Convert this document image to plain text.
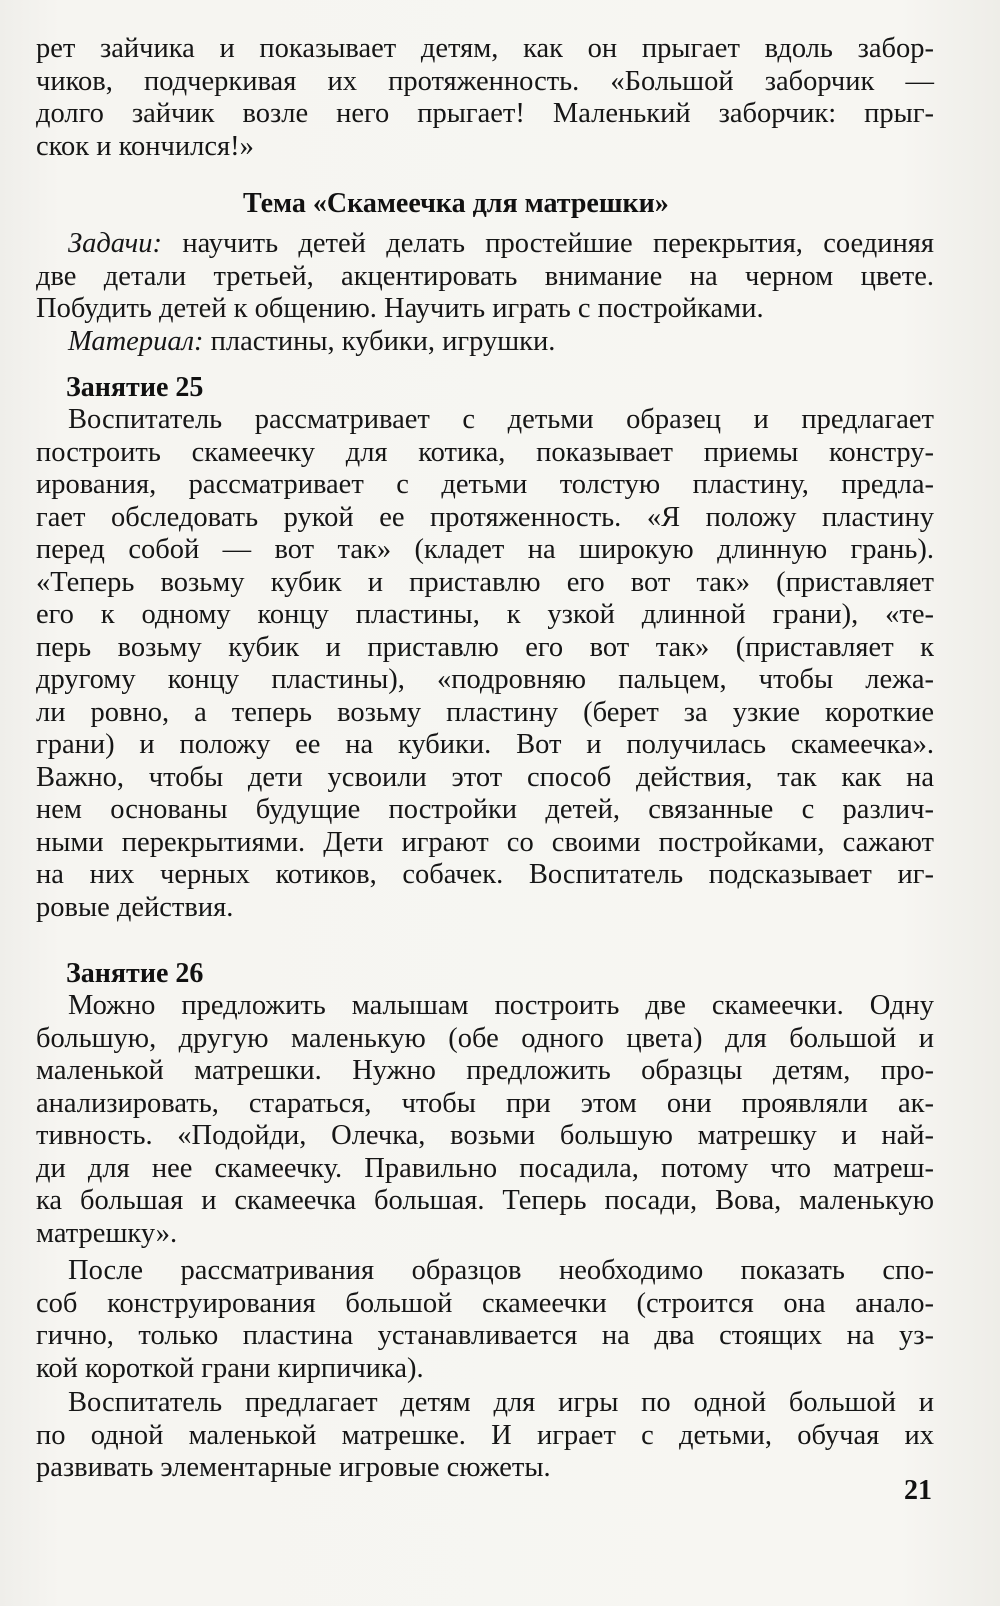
рет зайчика и показывает детям, как он прыгает вдоль забор-
чиков, подчеркивая их протяженность. «Большой заборчик —
долго зайчик возле него прыгает! Маленький заборчик: прыг-
скок и кончился!»
Тема «Скамеечка для матрешки»
Задачи: научить детей делать простейшие перекрытия, соединяя
две детали третьей, акцентировать внимание на черном цвете.
Побудить детей к общению. Научить играть с постройками.
Материал: пластины, кубики, игрушки.
Занятие 25
Воспитатель рассматривает с детьми образец и предлагает
построить скамеечку для котика, показывает приемы констру-
ирования, рассматривает с детьми толстую пластину, предла-
гает обследовать рукой ее протяженность. «Я положу пластину
перед собой — вот так» (кладет на широкую длинную грань).
«Теперь возьму кубик и приставлю его вот так» (приставляет
его к одному концу пластины, к узкой длинной грани), «те-
перь возьму кубик и приставлю его вот так» (приставляет к
другому концу пластины), «подровняю пальцем, чтобы лежа-
ли ровно, а теперь возьму пластину (берет за узкие короткие
грани) и положу ее на кубики. Вот и получилась скамеечка».
Важно, чтобы дети усвоили этот способ действия, так как на
нем основаны будущие постройки детей, связанные с различ-
ными перекрытиями. Дети играют со своими постройками, сажают
на них черных котиков, собачек. Воспитатель подсказывает иг-
ровые действия.
Занятие 26
Можно предложить малышам построить две скамеечки. Одну
большую, другую маленькую (обе одного цвета) для большой и
маленькой матрешки. Нужно предложить образцы детям, про-
анализировать, стараться, чтобы при этом они проявляли ак-
тивность. «Подойди, Олечка, возьми большую матрешку и най-
ди для нее скамеечку. Правильно посадила, потому что матреш-
ка большая и скамеечка большая. Теперь посади, Вова, маленькую
матрешку».
После рассматривания образцов необходимо показать спо-
соб конструирования большой скамеечки (строится она анало-
гично, только пластина устанавливается на два стоящих на уз-
кой короткой грани кирпичика).
Воспитатель предлагает детям для игры по одной большой и
по одной маленькой матрешке. И играет с детьми, обучая их
развивать элементарные игровые сюжеты.
21
